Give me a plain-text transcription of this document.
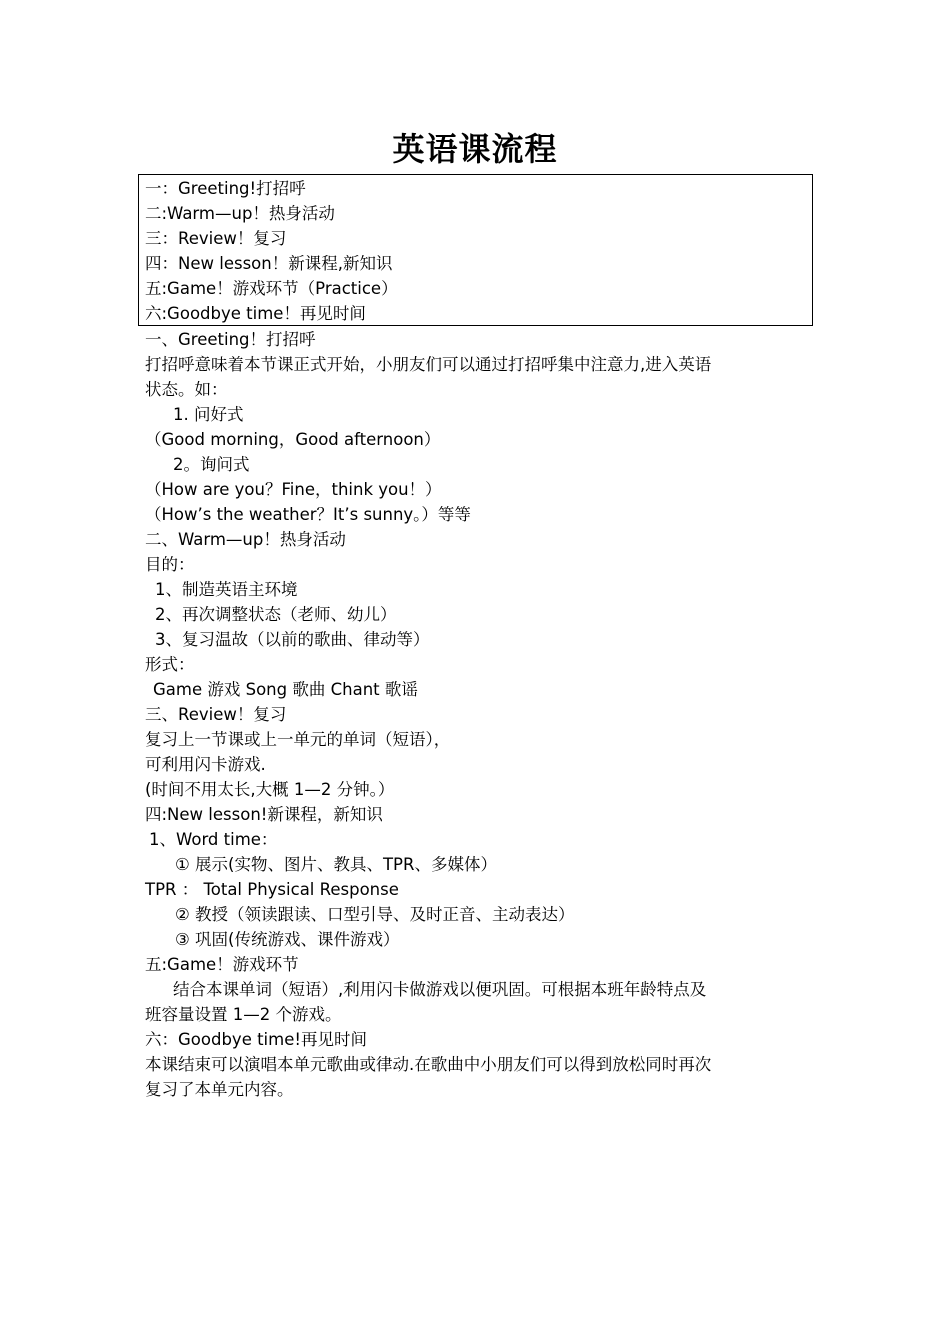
英语课流程
一：Greeting!打招呼
二:Warm—up！热身活动
三：Review！复习
四：New lesson！新课程,新知识
五:Game！游戏环节（Practice）
六:Goodbye time！再见时间
一、Greeting！打招呼
打招呼意味着本节课正式开始，小朋友们可以通过打招呼集中注意力,进入英语
状态。如：
1. 问好式
（Good morning，Good afternoon）
2。询问式
（How are you？Fine，think you！）
（How’s the weather？It’s sunny。）等等
二、Warm—up！热身活动
目的：
1、制造英语主环境
2、再次调整状态（老师、幼儿）
3、复习温故（以前的歌曲、律动等）
形式：
Game 游戏 Song 歌曲 Chant 歌谣
三、Review！复习
复习上一节课或上一单元的单词（短语），
可利用闪卡游戏.
(时间不用太长,大概 1—2 分钟。）
四:New lesson!新课程，新知识
1、Word time：
① 展示(实物、图片、教具、TPR、多媒体）
TPR ： Total Physical Response
② 教授（领读跟读、口型引导、及时正音、主动表达）
③ 巩固(传统游戏、课件游戏）
五:Game！游戏环节
结合本课单词（短语）,利用闪卡做游戏以便巩固。可根据本班年龄特点及
班容量设置 1—2 个游戏。
六：Goodbye time!再见时间
本课结束可以演唱本单元歌曲或律动.在歌曲中小朋友们可以得到放松同时再次
复习了本单元内容。
